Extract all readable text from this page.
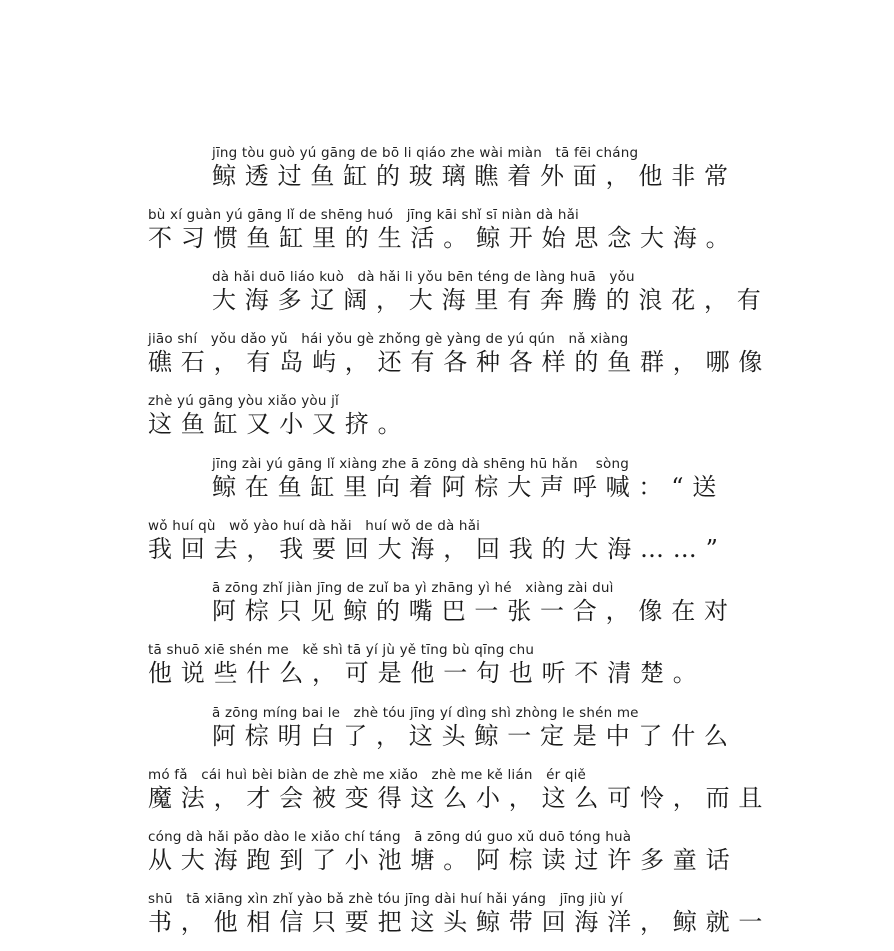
jīng tòu guò yú gāng de bō li qiáo zhe wài miàn   tā fēi cháng
鲸透过鱼缸的玻璃瞧着外面，他非常
bù xí guàn yú gāng lǐ de shēng huó   jīng kāi shǐ sī niàn dà hǎi
不习惯鱼缸里的生活。鲸开始思念大海。
dà hǎi duō liáo kuò   dà hǎi li yǒu bēn téng de làng huā   yǒu
大海多辽阔，大海里有奔腾的浪花，有
jiāo shí   yǒu dǎo yǔ   hái yǒu gè zhǒng gè yàng de yú qún   nǎ xiàng
礁石，有岛屿，还有各种各样的鱼群，哪像
zhè yú gāng yòu xiǎo yòu jǐ
这鱼缸又小又挤。
jīng zài yú gāng lǐ xiàng zhe ā zōng dà shēng hū hǎn    sòng
鲸在鱼缸里向着阿棕大声呼喊：“送
wǒ huí qù   wǒ yào huí dà hǎi   huí wǒ de dà hǎi
我回去，我要回大海，回我的大海……”
ā zōng zhǐ jiàn jīng de zuǐ ba yì zhāng yì hé   xiàng zài duì
阿棕只见鲸的嘴巴一张一合，像在对
tā shuō xiē shén me   kě shì tā yí jù yě tīng bù qīng chu
他说些什么，可是他一句也听不清楚。
ā zōng míng bai le   zhè tóu jīng yí dìng shì zhòng le shén me
阿棕明白了，这头鲸一定是中了什么
mó fǎ   cái huì bèi biàn de zhè me xiǎo   zhè me kě lián   ér qiě
魔法，才会被变得这么小，这么可怜，而且
cóng dà hǎi pǎo dào le xiǎo chí táng   ā zōng dú guo xǔ duō tóng huà
从大海跑到了小池塘。阿棕读过许多童话
shū   tā xiāng xìn zhǐ yào bǎ zhè tóu jīng dài huí hǎi yáng   jīng jiù yí
书，他相信只要把这头鲸带回海洋，鲸就一
